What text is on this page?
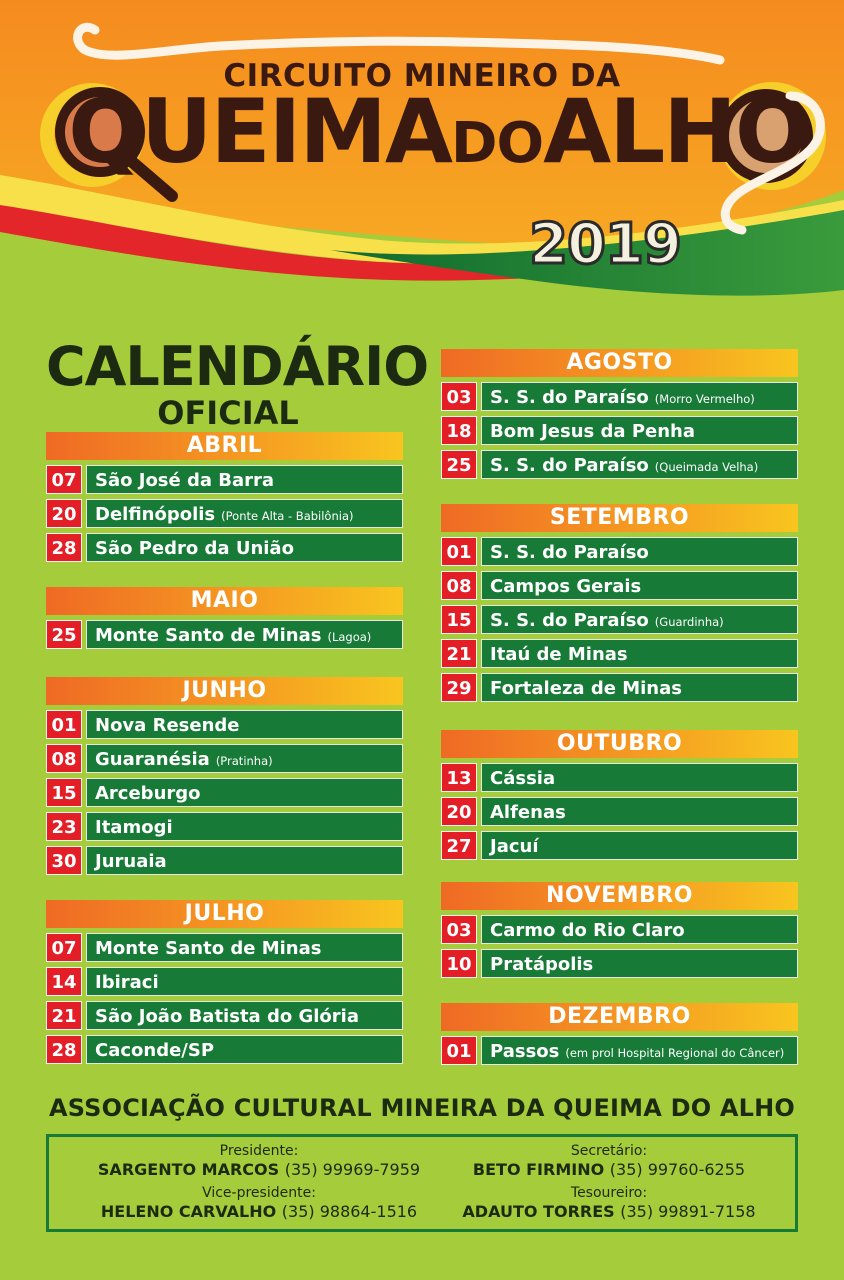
CIRCUITO MINEIRO DA
QUEIMADOALHO
2019
CALENDÁRIO
OFICIAL
ABRIL
07	São José da Barra
20	Delfinópolis (Ponte Alta - Babilônia)
28	São Pedro da União
MAIO
25	Monte Santo de Minas (Lagoa)
JUNHO
01	Nova Resende
08	Guaranésia (Pratinha)
15	Arceburgo
23	Itamogi
30	Juruaia
JULHO
07	Monte Santo de Minas
14	Ibiraci
21	São João Batista do Glória
28	Caconde/SP
AGOSTO
03	S. S. do Paraíso (Morro Vermelho)
18	Bom Jesus da Penha
25	S. S. do Paraíso (Queimada Velha)
SETEMBRO
01	S. S. do Paraíso
08	Campos Gerais
15	S. S. do Paraíso (Guardinha)
21	Itaú de Minas
29	Fortaleza de Minas
OUTUBRO
13	Cássia
20	Alfenas
27	Jacuí
NOVEMBRO
03	Carmo do Rio Claro
10	Pratápolis
DEZEMBRO
01	Passos (em prol Hospital Regional do Câncer)
ASSOCIAÇÃO CULTURAL MINEIRA DA QUEIMA DO ALHO
Presidente:
SARGENTO MARCOS (35) 99969-7959
Secretário:
BETO FIRMINO (35) 99760-6255
Vice-presidente:
HELENO CARVALHO (35) 98864-1516
Tesoureiro:
ADAUTO TORRES (35) 99891-7158
